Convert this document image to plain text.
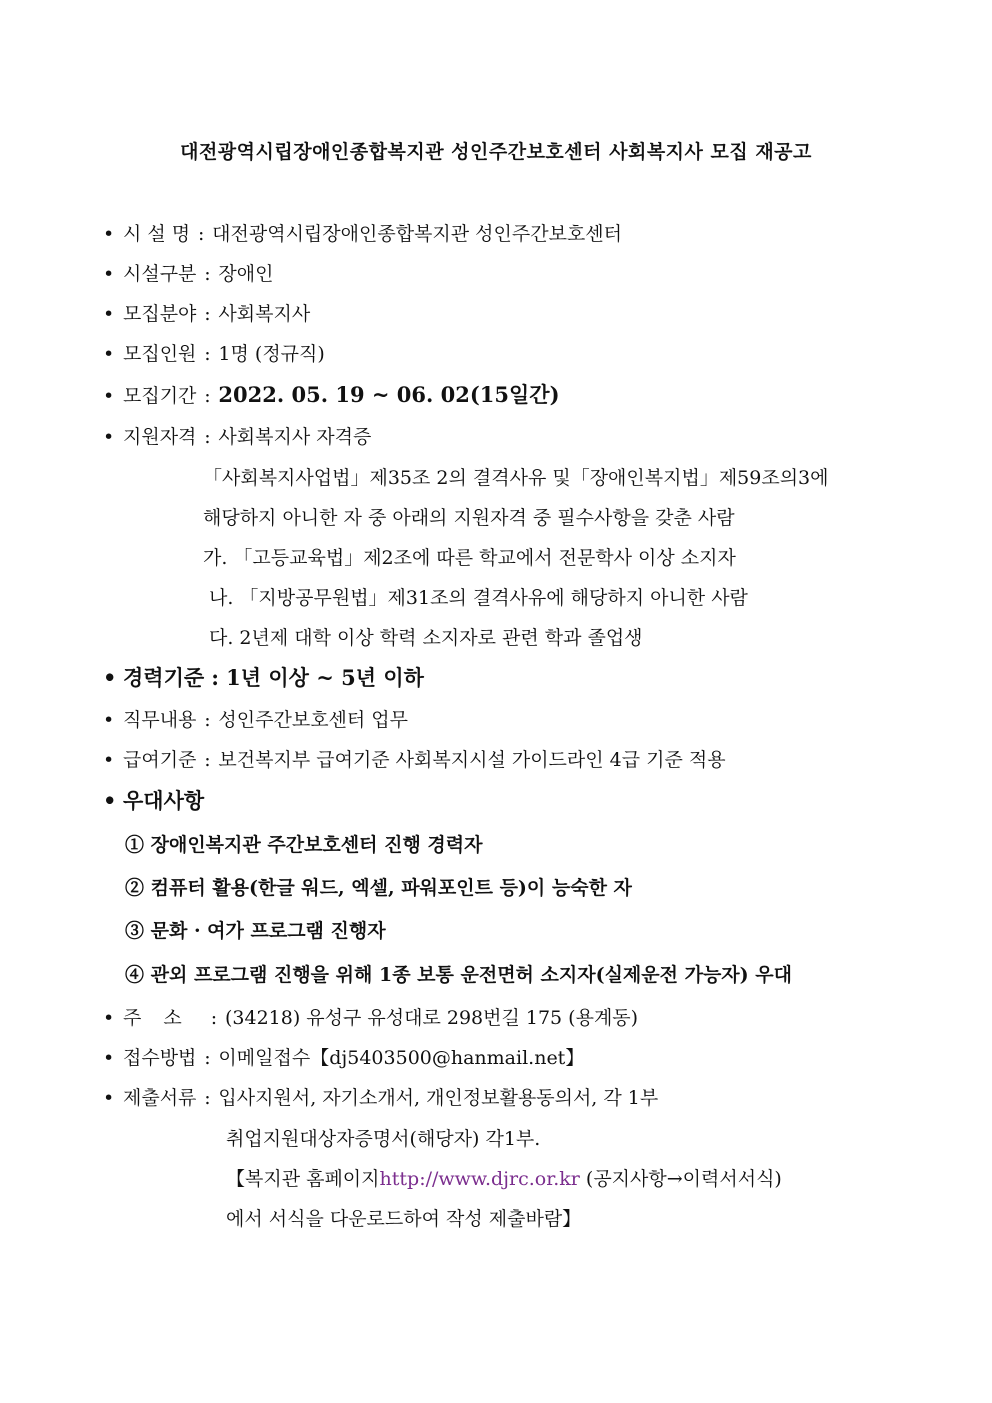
대전광역시립장애인종합복지관 성인주간보호센터 사회복지사 모집 재공고
• 시 설 명 : 대전광역시립장애인종합복지관 성인주간보호센터
• 시설구분 : 장애인
• 모집분야 : 사회복지사
• 모집인원 : 1명 (정규직)
• 모집기간 : 2022. 05. 19 ~ 06. 02(15일간)
• 지원자격 : 사회복지사 자격증
「사회복지사업법」제35조 2의 결격사유 및「장애인복지법」제59조의3에
해당하지 아니한 자 중 아래의 지원자격 중 필수사항을 갖춘 사람
가. 「고등교육법」제2조에 따른 학교에서 전문학사 이상 소지자
나. 「지방공무원법」제31조의 결격사유에 해당하지 아니한 사람
다. 2년제 대학 이상 학력 소지자로 관련 학과 졸업생
• 경력기준 : 1년 이상 ~ 5년 이하
• 직무내용 : 성인주간보호센터 업무
• 급여기준 : 보건복지부 급여기준 사회복지시설 가이드라인 4급 기준 적용
• 우대사항
① 장애인복지관 주간보호센터 진행 경력자
② 컴퓨터 활용(한글 워드, 엑셀, 파워포인트 등)이 능숙한 자
③ 문화 · 여가 프로그램 진행자
④ 관외 프로그램 진행을 위해 1종 보통 운전면허 소지자(실제운전 가능자) 우대
• 주 소 : (34218) 유성구 유성대로 298번길 175 (용계동)
• 접수방법 : 이메일접수【dj5403500@hanmail.net】
• 제출서류 : 입사지원서, 자기소개서, 개인정보활용동의서, 각 1부
취업지원대상자증명서(해당자) 각1부.
【복지관 홈페이지http://www.djrc.or.kr (공지사항→이력서서식)
에서 서식을 다운로드하여 작성 제출바람】
